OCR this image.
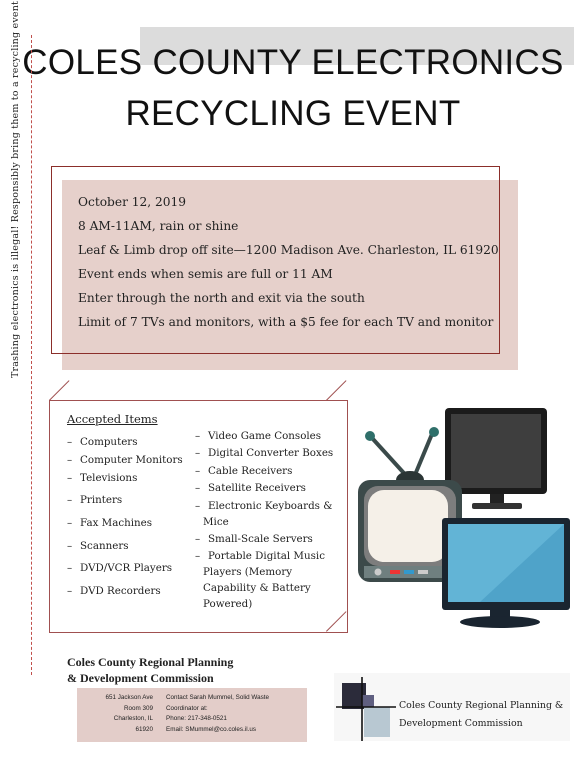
COLES COUNTY ELECTRONICS
RECYCLING EVENT
Trashing electronics is illegal! Responsibly bring them to a recycling event	October 12, 2019
8 AM-11AM, rain or shine
Leaf & Limb drop off site—1200 Madison Ave. Charleston, IL 61920
Event ends when semis are full or 11 AM
Enter through the north and exit via the south
Limit of 7 TVs and monitors, with a $5 fee for each TV and monitor
Accepted Items
– Computers
– Computer Monitors
– Televisions
– Printers
– Fax Machines
– Scanners
– DVD/VCR Players
– DVD Recorders
– Video Game Consoles
– Digital Converter Boxes
– Cable Receivers
– Satellite Receivers
– Electronic Keyboards &
Mice
– Small-Scale Servers
– Portable Digital Music
Players (Memory
Capability & Battery
Powered)
Coles County Regional Planning
& Development Commission
651 Jackson Ave
Room 309
Charleston, IL
61920
Contact Sarah Mummel, Solid Waste
Coordinator at:
Phone: 217-348-0521
Email: SMummel@co.coles.il.us
Coles County Regional Planning &
Development Commission
